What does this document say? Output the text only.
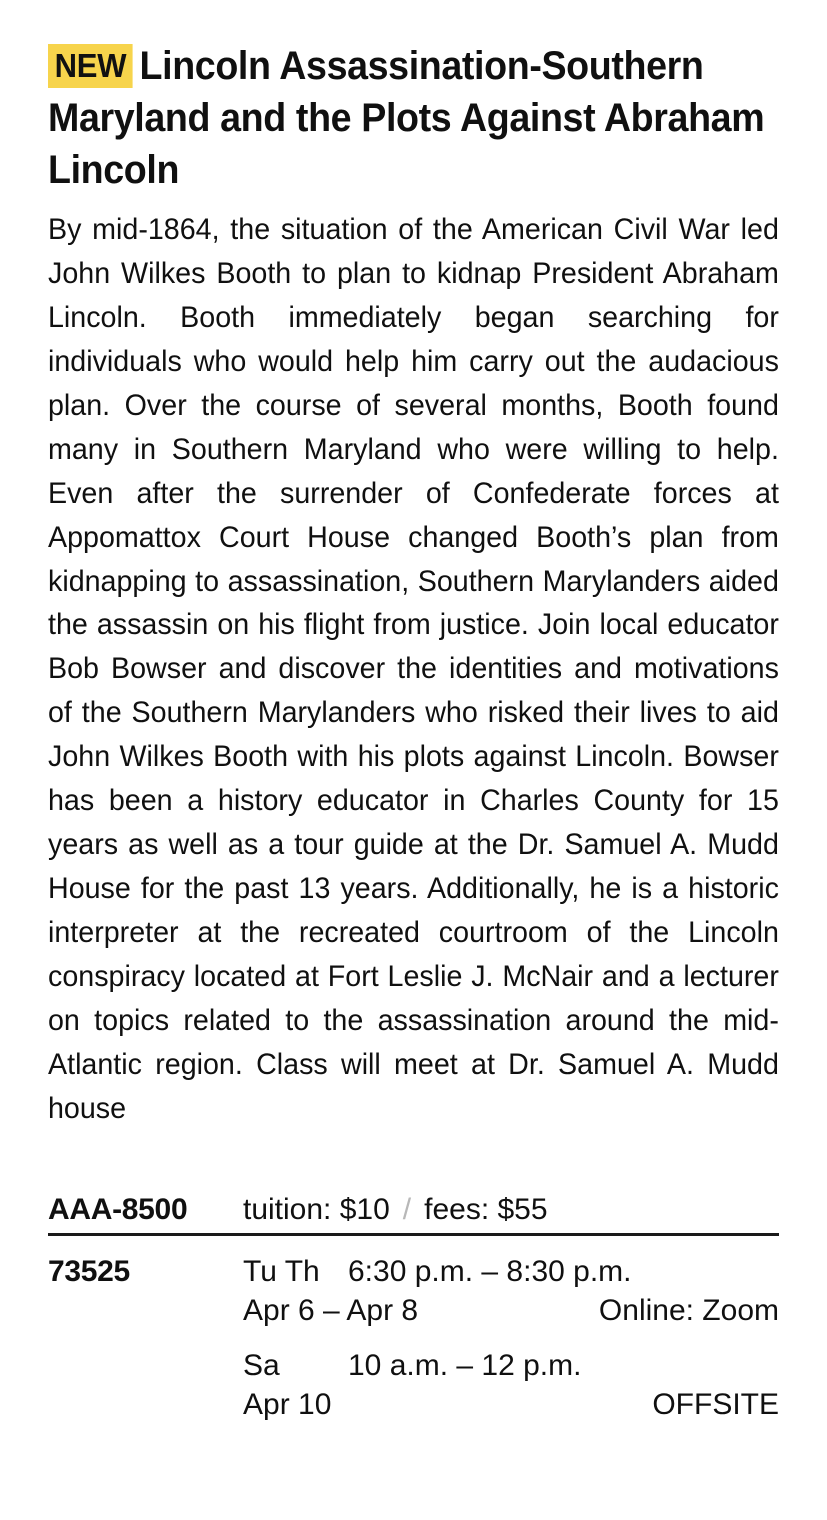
NEW Lincoln Assassination-Southern Maryland and the Plots Against Abraham Lincoln

By mid-1864, the situation of the American Civil War led John Wilkes Booth to plan to kidnap President Abraham Lincoln. Booth immediately began searching for individuals who would help him carry out the audacious plan. Over the course of several months, Booth found many in Southern Maryland who were willing to help. Even after the surrender of Confederate forces at Appomattox Court House changed Booth’s plan from kidnapping to assassination, Southern Marylanders aided the assassin on his flight from justice. Join local educator Bob Bowser and discover the identities and motivations of the Southern Marylanders who risked their lives to aid John Wilkes Booth with his plots against Lincoln. Bowser has been a history educator in Charles County for 15 years as well as a tour guide at the Dr. Samuel A. Mudd House for the past 13 years. Additionally, he is a historic interpreter at the recreated courtroom of the Lincoln conspiracy located at Fort Leslie J. McNair and a lecturer on topics related to the assassination around the mid-Atlantic region. Class will meet at Dr. Samuel A. Mudd house

AAA-8500	tuition: $10 / fees: $55
73525	Tu Th 6:30 p.m. – 8:30 p.m.
Apr 6 – Apr 8	Online: Zoom
Sa	10 a.m. – 12 p.m.
Apr 10	OFFSITE
